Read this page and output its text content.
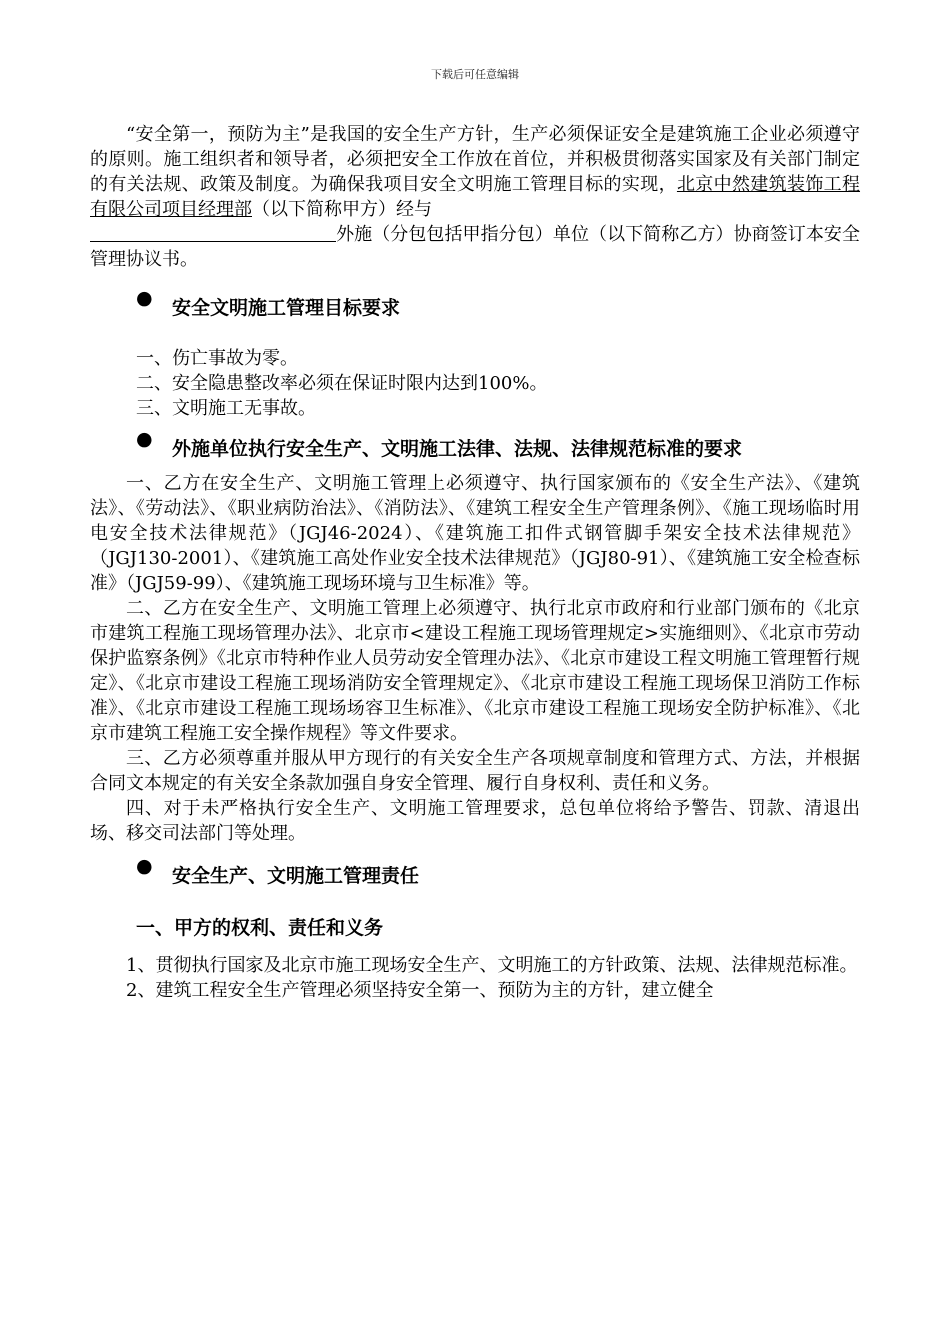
下载后可任意编辑

“安全第一，预防为主”是我国的安全生产方针，生产必须保证安全是建筑施工企业必须遵守的原则。施工组织者和领导者，必须把安全工作放在首位，并积极贯彻落实国家及有关部门制定的有关法规、政策及制度。为确保我项目安全文明施工管理目标的实现，北京中然建筑装饰工程有限公司项目经理部（以下简称甲方）经与
外施（分包包括甲指分包）单位（以下简称乙方）协商签订本安全管理协议书。

●	安全文明施工管理目标要求

一、伤亡事故为零。

二、安全隐患整改率必须在保证时限内达到100%。

三、文明施工无事故。

●	外施单位执行安全生产、文明施工法律、法规、法律规范标准的要求

一、乙方在安全生产、文明施工管理上必须遵守、执行国家颁布的《安全生产法》、《建筑法》、《劳动法》、《职业病防治法》、《消防法》、《建筑工程安全生产管理条例》、《施工现场临时用电安全技术法律规范》（JGJ46-2024）、《建筑施工扣件式钢管脚手架安全技术法律规范》（JGJ130-2001）、《建筑施工高处作业安全技术法律规范》（JGJ80-91）、《建筑施工安全检查标准》（JGJ59-99）、《建筑施工现场环境与卫生标准》等。

二、乙方在安全生产、文明施工管理上必须遵守、执行北京市政府和行业部门颁布的《北京市建筑工程施工现场管理办法》、北京市<建设工程施工现场管理规定>实施细则》、《北京市劳动保护监察条例》《北京市特种作业人员劳动安全管理办法》、《北京市建设工程文明施工管理暂行规定》、《北京市建设工程施工现场消防安全管理规定》、《北京市建设工程施工现场保卫消防工作标准》、《北京市建设工程施工现场场容卫生标准》、《北京市建设工程施工现场安全防护标准》、《北京市建筑工程施工安全操作规程》等文件要求。

三、乙方必须尊重并服从甲方现行的有关安全生产各项规章制度和管理方式、方法，并根据合同文本规定的有关安全条款加强自身安全管理、履行自身权利、责任和义务。

四、对于未严格执行安全生产、文明施工管理要求，总包单位将给予警告、罚款、清退出场、移交司法部门等处理。

●	安全生产、文明施工管理责任
一、甲方的权利、责任和义务

1、贯彻执行国家及北京市施工现场安全生产、文明施工的方针政策、法规、法律规范标准。

2、建筑工程安全生产管理必须坚持安全第一、预防为主的方针，建立健全
